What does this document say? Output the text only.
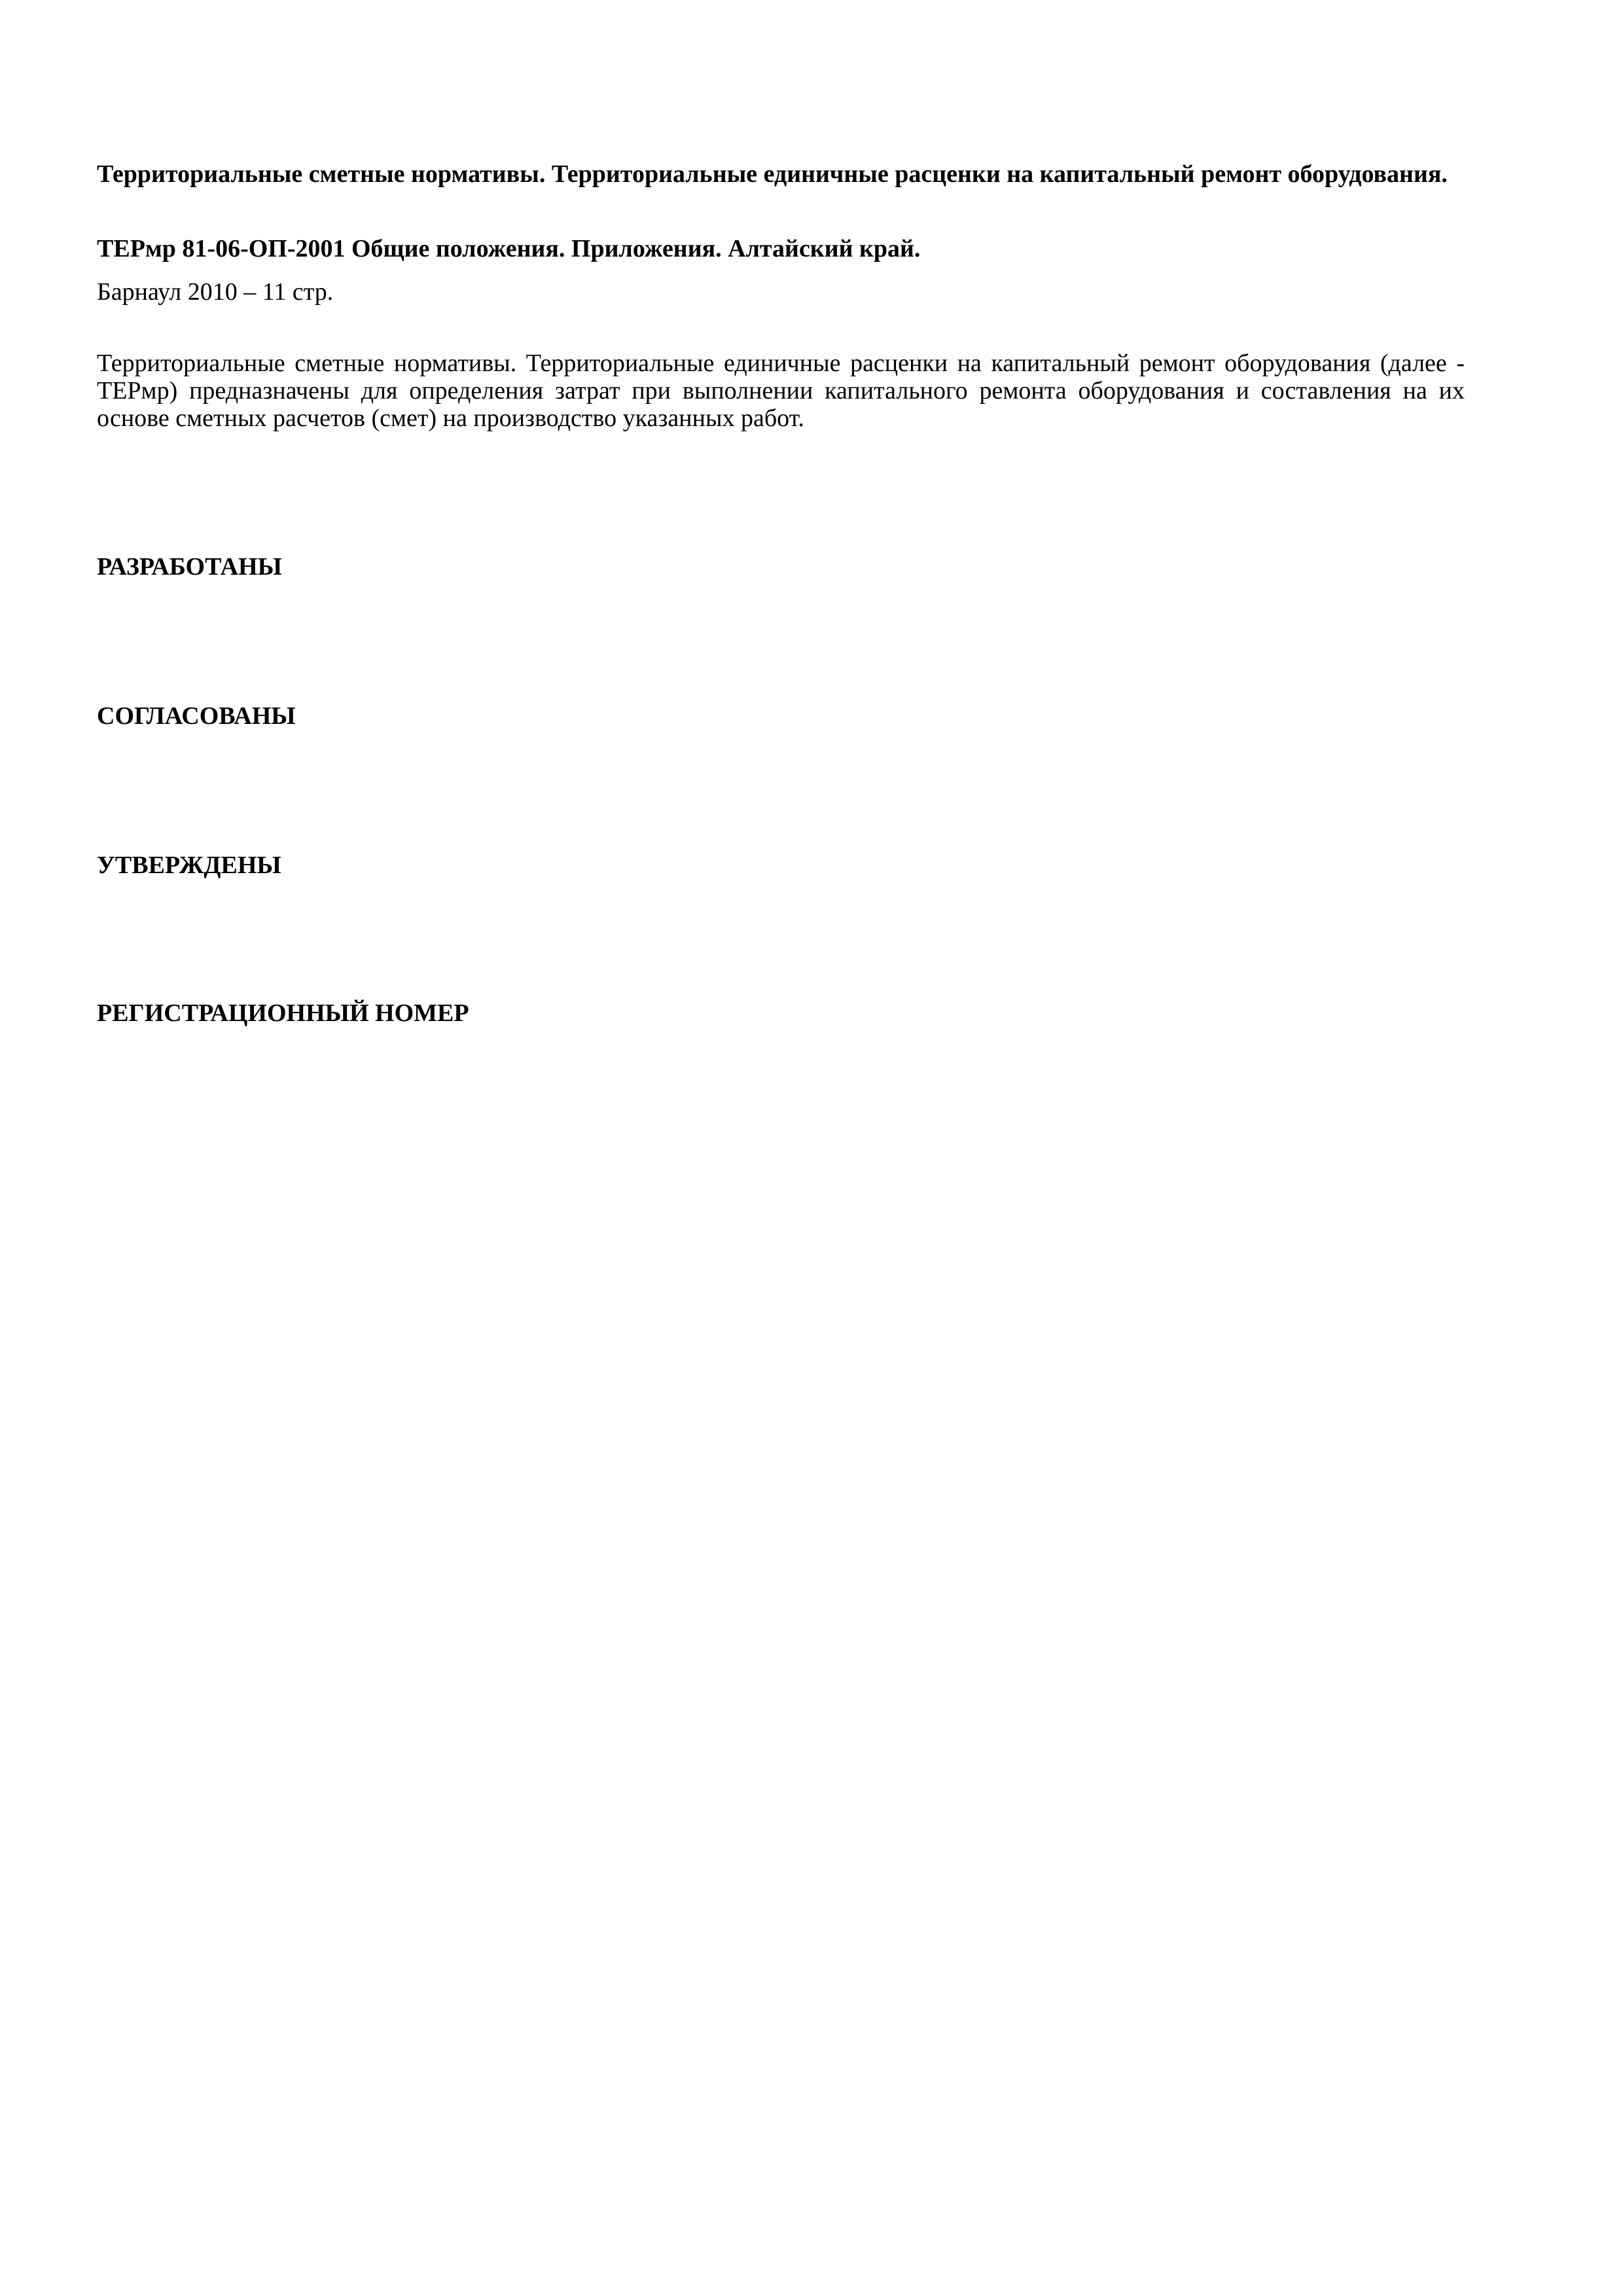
Территориальные сметные нормативы. Территориальные единичные расценки на капитальный ремонт оборудования.

ТЕРмр 81-06-ОП-2001 Общие положения. Приложения. Алтайский край.

Барнаул 2010 – 11 стр.

Территориальные сметные нормативы. Территориальные единичные расценки на капитальный ремонт оборудования (далее - ТЕРмр) предназначены для определения затрат при выполнении капитального ремонта оборудования и составления на их основе сметных расчетов (смет) на производство указанных работ.

РАЗРАБОТАНЫ

СОГЛАСОВАНЫ

УТВЕРЖДЕНЫ

РЕГИСТРАЦИОННЫЙ НОМЕР
